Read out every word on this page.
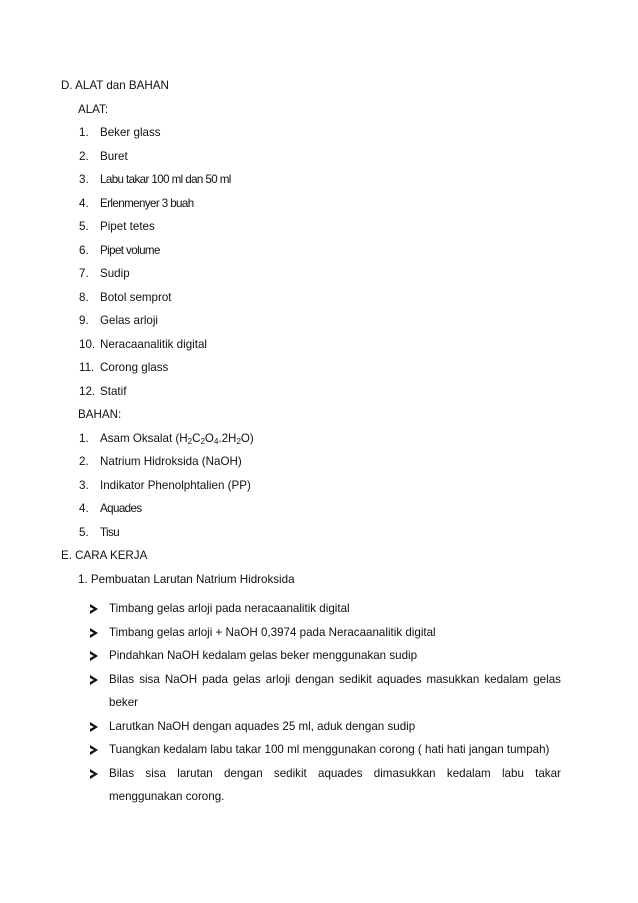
D. ALAT dan BAHAN
ALAT:
1. Beker glass
2. Buret
3. Labu takar 100 ml dan 50 ml
4. Erlenmenyer 3 buah
5. Pipet tetes
6. Pipet volume
7. Sudip
8. Botol semprot
9. Gelas arloji
10. Neracaanalitik digital
11. Corong glass
12. Statif
BAHAN:
1. Asam Oksalat $(H_2C_2O_4.2H_2O)$
2. Natrium Hidroksida (NaOH)
3. Indikator Phenolphtalien (PP)
4. Aquades
5. Tisu
E. CARA KERJA
1. Pembuatan Larutan Natrium Hidroksida
Timbang gelas arloji pada neracaanalitik digital
Timbang gelas arloji + NaOH 0,3974 pada Neracaanalitik digital
Pindahkan NaOH kedalam gelas beker menggunakan sudip
Bilas sisa NaOH pada gelas arloji dengan sedikit aquades masukkan kedalam gelas
beker
Larutkan NaOH dengan aquades 25 ml, aduk dengan sudip
Tuangkan kedalam labu takar 100 ml menggunakan corong ( hati hati jangan tumpah)
Bilas sisa larutan dengan sedikit aquades dimasukkan kedalam labu takar
menggunakan corong.
